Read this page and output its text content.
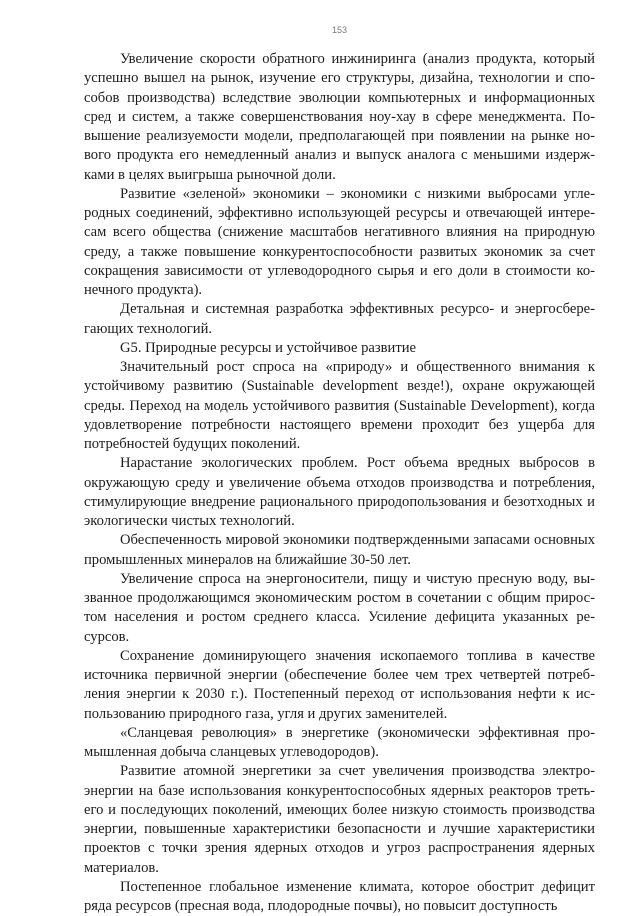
153

Увеличение скорости обратного инжиниринга (анализ продукта, который успешно вышел на рынок, изучение его структуры, дизайна, технологии и способов производства) вследствие эволюции компьютерных и информационных сред и систем, а также совершенствования ноу-хау в сфере менеджмента. Повышение реализуемости модели, предполагающей при появлении на рынке нового продукта его немедленный анализ и выпуск аналога с меньшими издержками в целях выигрыша рыночной доли.

Развитие «зеленой» экономики – экономики с низкими выбросами углеродных соединений, эффективно использующей ресурсы и отвечающей интересам всего общества (снижение масштабов негативного влияния на природную среду, а также повышение конкурентоспособности развитых экономик за счет сокращения зависимости от углеводородного сырья и его доли в стоимости конечного продукта).

Детальная и системная разработка эффективных ресурсо- и энергосберегающих технологий.

G5. Природные ресурсы и устойчивое развитие

Значительный рост спроса на «природу» и общественного внимания к устойчивому развитию (Sustainable development везде!), охране окружающей среды. Переход на модель устойчивого развития (Sustainable Development), когда удовлетворение потребности настоящего времени проходит без ущерба для потребностей будущих поколений.

Нарастание экологических проблем. Рост объема вредных выбросов в окружающую среду и увеличение объема отходов производства и потребления, стимулирующие внедрение рационального природопользования и безотходных и экологически чистых технологий.

Обеспеченность мировой экономики подтвержденными запасами основных промышленных минералов на ближайшие 30-50 лет.

Увеличение спроса на энергоносители, пищу и чистую пресную воду, вызванное продолжающимся экономическим ростом в сочетании с общим приростом населения и ростом среднего класса. Усиление дефицита указанных ресурсов.

Сохранение доминирующего значения ископаемого топлива в качестве источника первичной энергии (обеспечение более чем трех четвертей потребления энергии к 2030 г.). Постепенный переход от использования нефти к использованию природного газа, угля и других заменителей.

«Сланцевая революция» в энергетике (экономически эффективная промышленная добыча сланцевых углеводородов).

Развитие атомной энергетики за счет увеличения производства электроэнергии на базе использования конкурентоспособных ядерных реакторов третьего и последующих поколений, имеющих более низкую стоимость производства энергии, повышенные характеристики безопасности и лучшие характеристики проектов с точки зрения ядерных отходов и угроз распространения ядерных материалов.

Постепенное глобальное изменение климата, которое обострит дефицит ряда ресурсов (пресная вода, плодородные почвы), но повысит доступность
